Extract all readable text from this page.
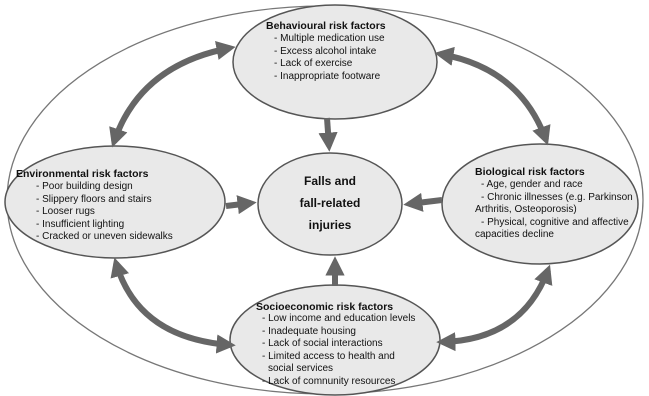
Behavioural risk factors
- Multiple medication use
- Excess alcohol intake
- Lack of exercise
- Inappropriate footware
Environmental risk factors
- Poor building design
- Slippery floors and stairs
- Looser rugs
- Insufficient lighting
- Cracked or uneven sidewalks
Biological risk factors
- Age, gender and race
- Chronic illnesses (e.g. Parkinson
Arthritis, Osteoporosis)
- Physical, cognitive and affective
capacities decline
Socioeconomic risk factors
- Low income and education levels
- Inadequate housing
- Lack of social interactions
- Limited access to health and
social services
- Lack of comnunity resources
Falls and
fall-related
injuries
